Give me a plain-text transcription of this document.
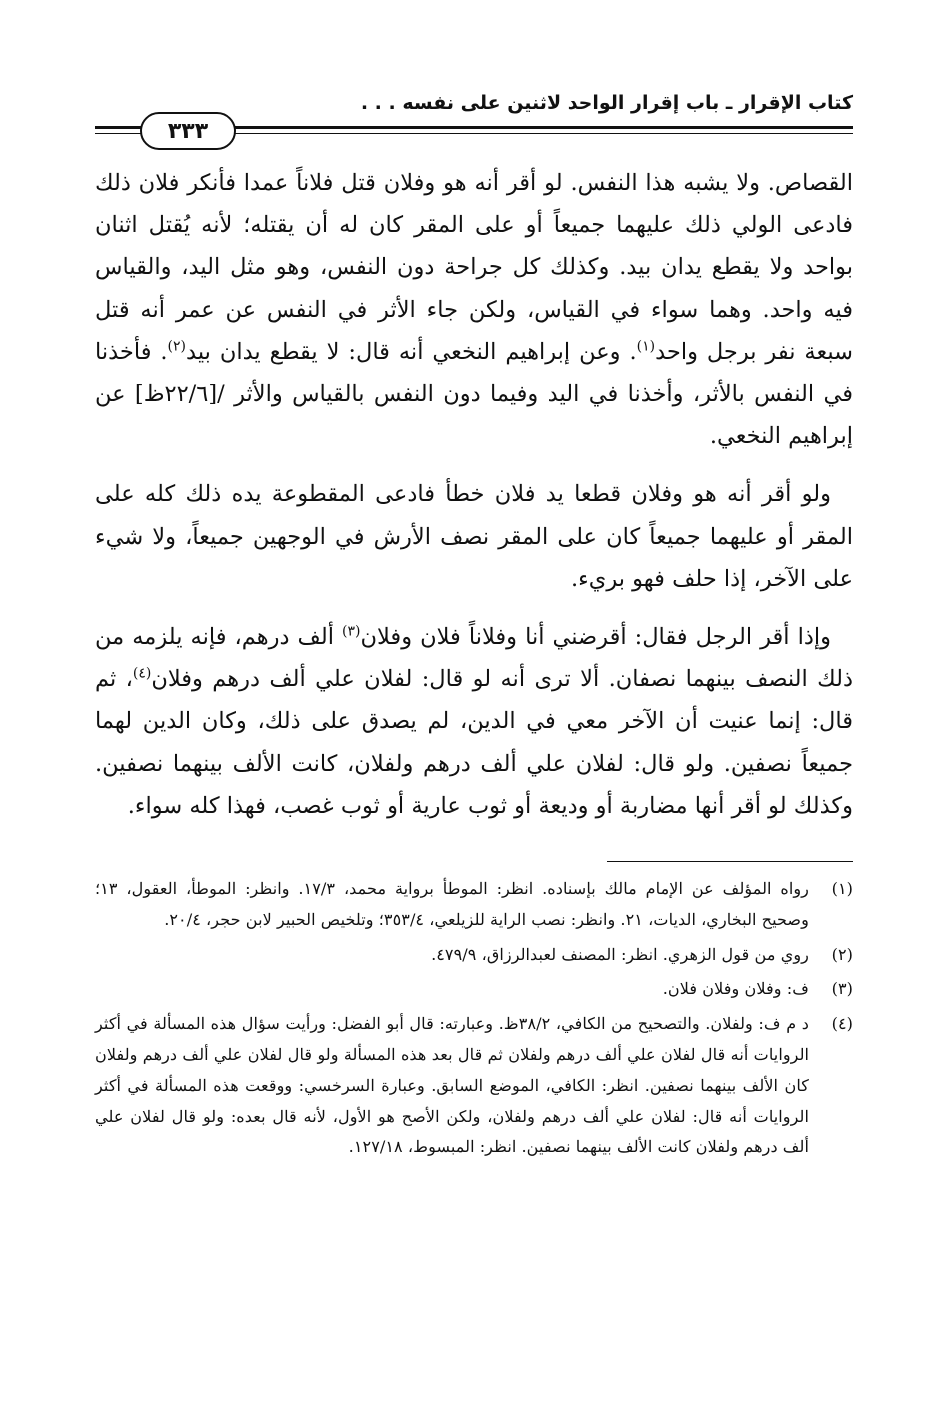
كتاب الإقرار ـ باب إقرار الواحد لاثنين على نفسه . . .
٣٣٣

القصاص. ولا يشبه هذا النفس. لو أقر أنه هو وفلان قتل فلاناً عمدا فأنكر فلان ذلك فادعى الولي ذلك عليهما جميعاً أو على المقر كان له أن يقتله؛ لأنه يُقتل اثنان بواحد ولا يقطع يدان بيد. وكذلك كل جراحة دون النفس، وهو مثل اليد، والقياس فيه واحد. وهما سواء في القياس، ولكن جاء الأثر في النفس عن عمر أنه قتل سبعة نفر برجل واحد$^{(١)}$. وعن إبراهيم النخعي أنه قال: لا يقطع يدان بيد$^{(٢)}$. فأخذنا في النفس بالأثر، وأخذنا في اليد وفيما دون النفس بالقياس والأثر /[٢٢/٦ظ] عن إبراهيم النخعي.

ولو أقر أنه هو وفلان قطعا يد فلان خطأ فادعى المقطوعة يده ذلك كله على المقر أو عليهما جميعاً كان على المقر نصف الأرش في الوجهين جميعاً، ولا شيء على الآخر، إذا حلف فهو بريء.

وإذا أقر الرجل فقال: أقرضني أنا وفلاناً فلان وفلان$^{(٣)}$ ألف درهم، فإنه يلزمه من ذلك النصف بينهما نصفان. ألا ترى أنه لو قال: لفلان علي ألف درهم وفلان$^{(٤)}$، ثم قال: إنما عنيت أن الآخر معي في الدين، لم يصدق على ذلك، وكان الدين لهما جميعاً نصفين. ولو قال: لفلان علي ألف درهم ولفلان، كانت الألف بينهما نصفين. وكذلك لو أقر أنها مضاربة أو وديعة أو ثوب عارية أو ثوب غصب، فهذا كله سواء.

(١)
رواه المؤلف عن الإمام مالك بإسناده. انظر: الموطأ برواية محمد، ١٧/٣. وانظر: الموطأ، العقول، ١٣؛ وصحيح البخاري، الديات، ٢١. وانظر: نصب الراية للزيلعي، ٣٥٣/٤؛ وتلخيص الحبير لابن حجر، ٢٠/٤.
(٢)
روي من قول الزهري. انظر: المصنف لعبدالرزاق، ٤٧٩/٩.
(٣)
ف: وفلان وفلان فلان.
(٤)
د م ف: ولفلان. والتصحيح من الكافي، ٣٨/٢ظ. وعبارته: قال أبو الفضل: ورأيت سؤال هذه المسألة في أكثر الروايات أنه قال لفلان علي ألف درهم ولفلان ثم قال بعد هذه المسألة ولو قال لفلان علي ألف درهم ولفلان كان الألف بينهما نصفين. انظر: الكافي، الموضع السابق. وعبارة السرخسي: ووقعت هذه المسألة في أكثر الروايات أنه قال: لفلان علي ألف درهم ولفلان، ولكن الأصح هو الأول، لأنه قال بعده: ولو قال لفلان علي ألف درهم ولفلان كانت الألف بينهما نصفين. انظر: المبسوط، ١٢٧/١٨.
